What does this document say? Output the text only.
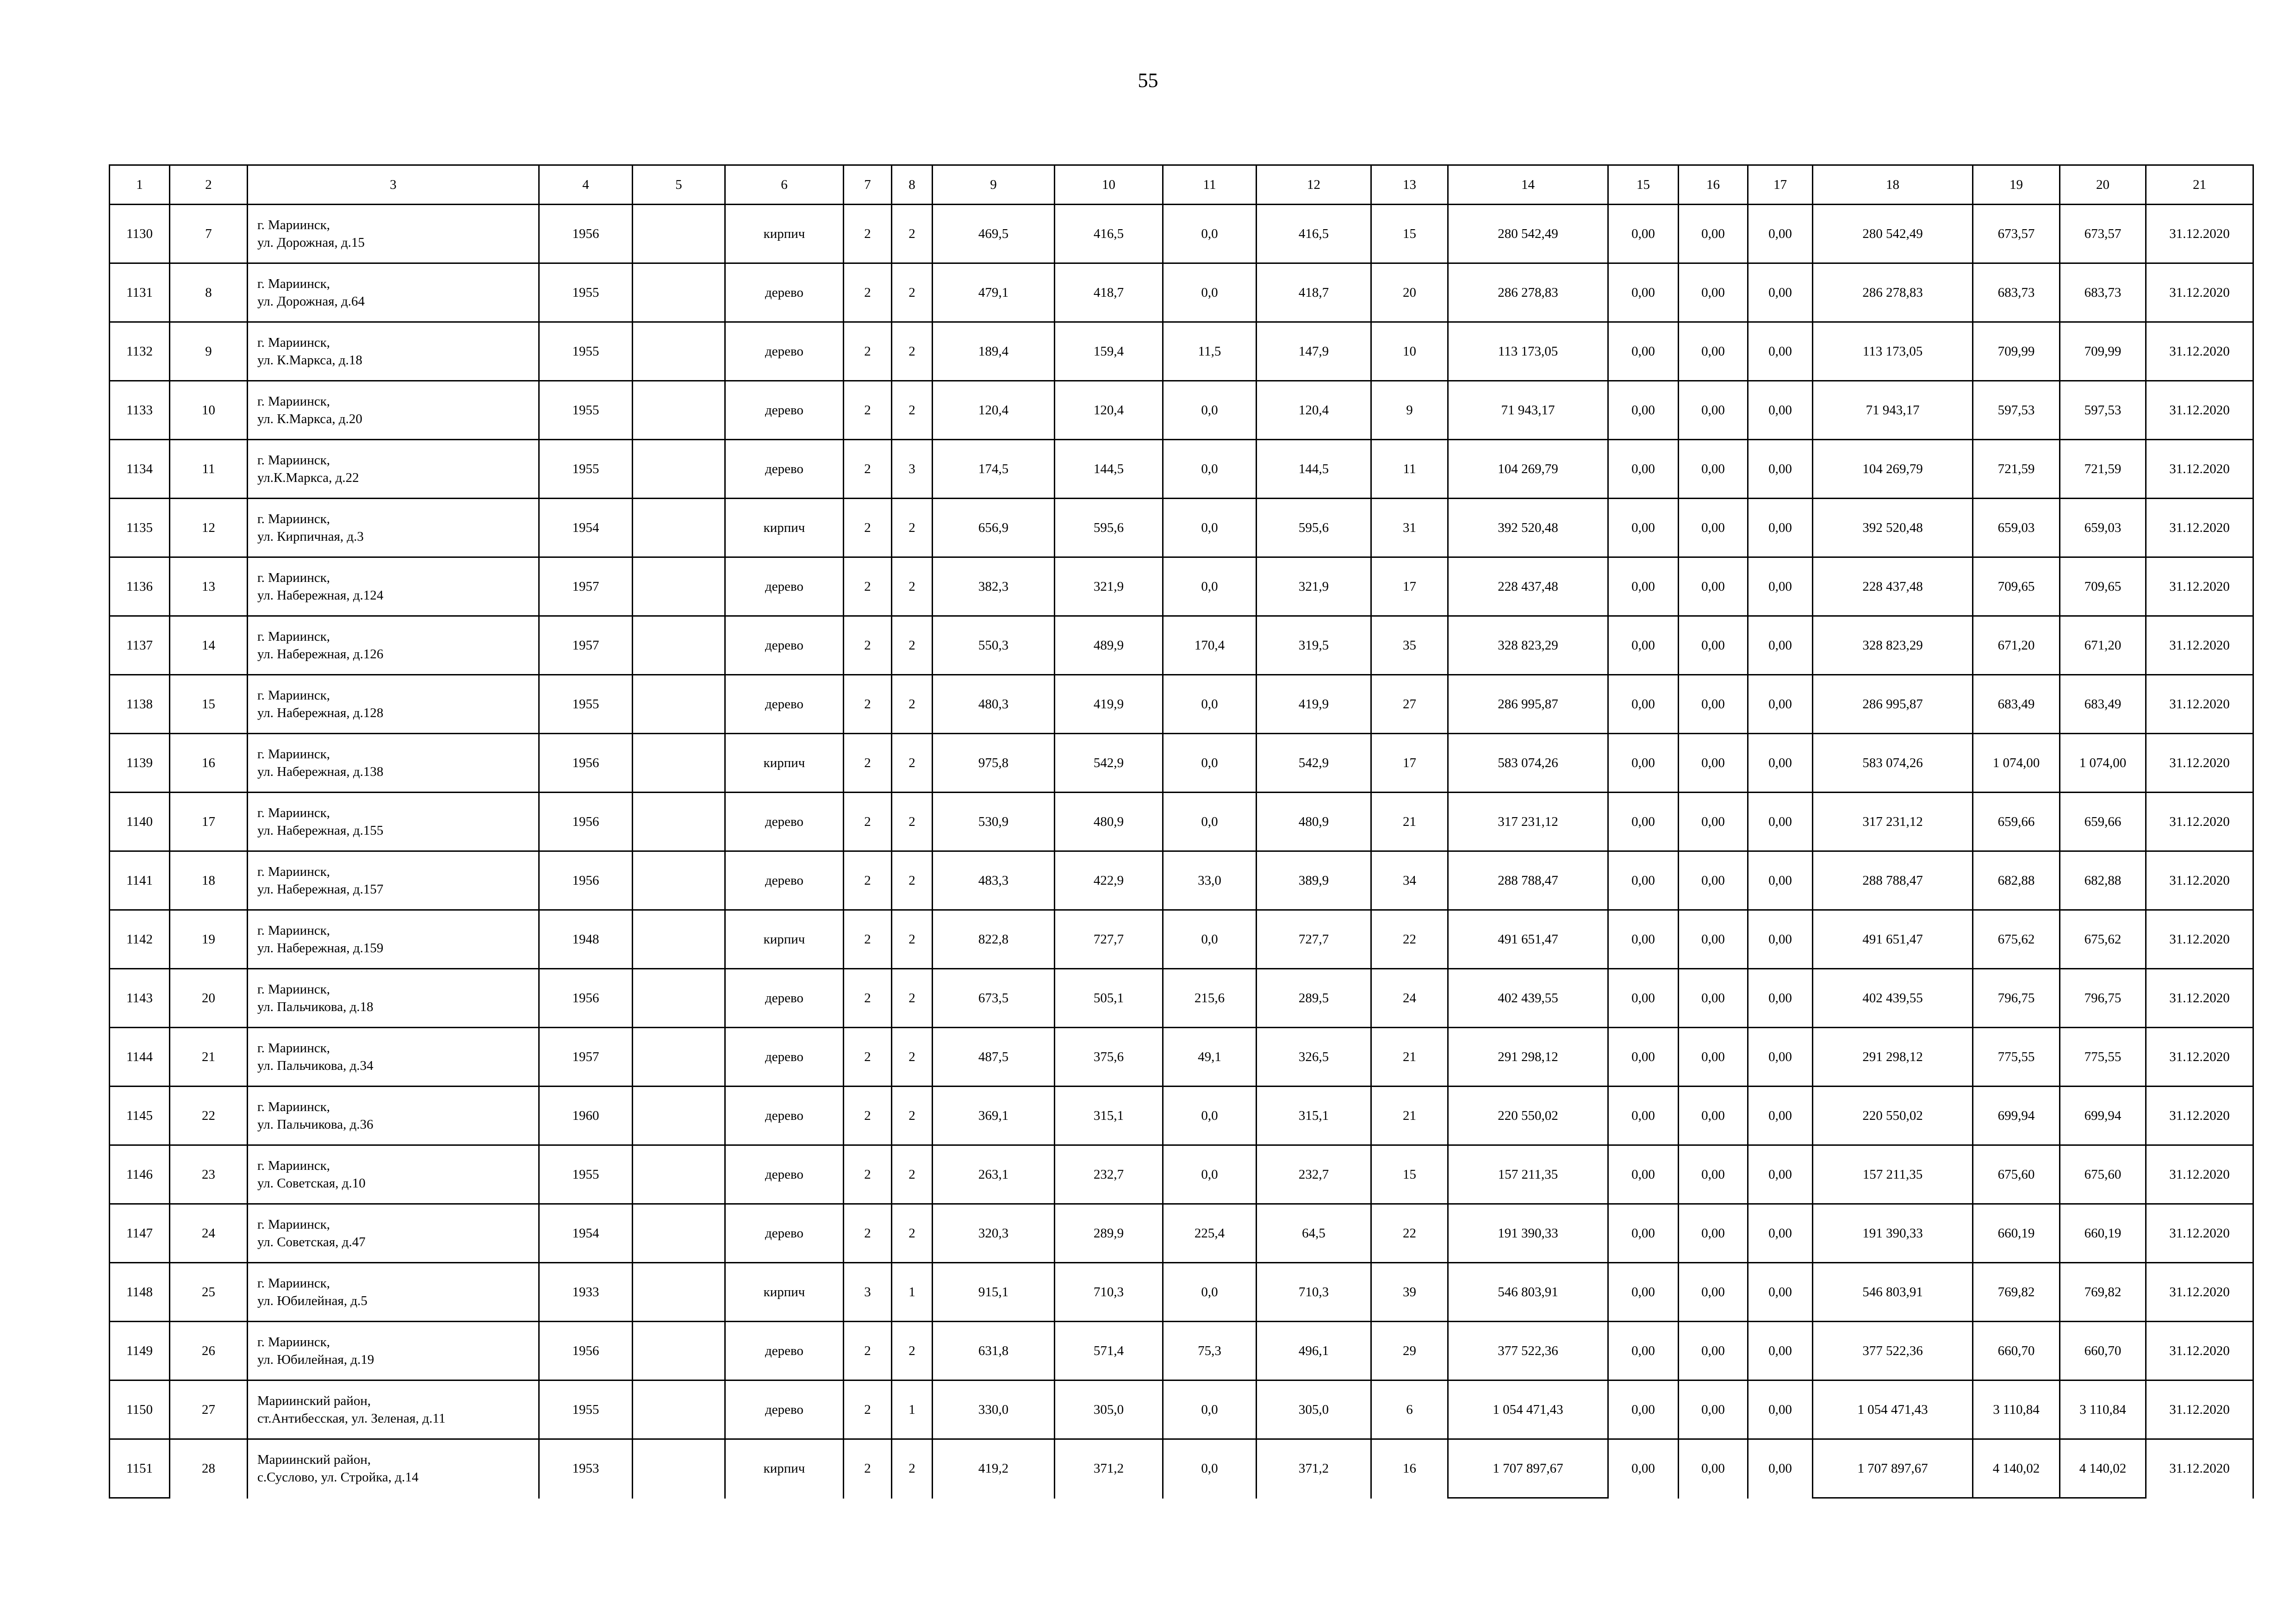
55
1	2	3	4	5	6	7	8	9	10	11	12	13	14	15	16	17	18	19	20	21
1130	7	г. Мариинск,
ул. Дорожная, д.15	1956		кирпич	2	2	469,5	416,5	0,0	416,5	15	280 542,49	0,00	0,00	0,00	280 542,49	673,57	673,57	31.12.2020
1131	8	г. Мариинск,
ул. Дорожная, д.64	1955		дерево	2	2	479,1	418,7	0,0	418,7	20	286 278,83	0,00	0,00	0,00	286 278,83	683,73	683,73	31.12.2020
1132	9	г. Мариинск,
ул. К.Маркса, д.18	1955		дерево	2	2	189,4	159,4	11,5	147,9	10	113 173,05	0,00	0,00	0,00	113 173,05	709,99	709,99	31.12.2020
1133	10	г. Мариинск,
ул. К.Маркса, д.20	1955		дерево	2	2	120,4	120,4	0,0	120,4	9	71 943,17	0,00	0,00	0,00	71 943,17	597,53	597,53	31.12.2020
1134	11	г. Мариинск,
ул.К.Маркса, д.22	1955		дерево	2	3	174,5	144,5	0,0	144,5	11	104 269,79	0,00	0,00	0,00	104 269,79	721,59	721,59	31.12.2020
1135	12	г. Мариинск,
ул. Кирпичная, д.3	1954		кирпич	2	2	656,9	595,6	0,0	595,6	31	392 520,48	0,00	0,00	0,00	392 520,48	659,03	659,03	31.12.2020
1136	13	г. Мариинск,
ул. Набережная, д.124	1957		дерево	2	2	382,3	321,9	0,0	321,9	17	228 437,48	0,00	0,00	0,00	228 437,48	709,65	709,65	31.12.2020
1137	14	г. Мариинск,
ул. Набережная, д.126	1957		дерево	2	2	550,3	489,9	170,4	319,5	35	328 823,29	0,00	0,00	0,00	328 823,29	671,20	671,20	31.12.2020
1138	15	г. Мариинск,
ул. Набережная, д.128	1955		дерево	2	2	480,3	419,9	0,0	419,9	27	286 995,87	0,00	0,00	0,00	286 995,87	683,49	683,49	31.12.2020
1139	16	г. Мариинск,
ул. Набережная, д.138	1956		кирпич	2	2	975,8	542,9	0,0	542,9	17	583 074,26	0,00	0,00	0,00	583 074,26	1 074,00	1 074,00	31.12.2020
1140	17	г. Мариинск,
ул. Набережная, д.155	1956		дерево	2	2	530,9	480,9	0,0	480,9	21	317 231,12	0,00	0,00	0,00	317 231,12	659,66	659,66	31.12.2020
1141	18	г. Мариинск,
ул. Набережная, д.157	1956		дерево	2	2	483,3	422,9	33,0	389,9	34	288 788,47	0,00	0,00	0,00	288 788,47	682,88	682,88	31.12.2020
1142	19	г. Мариинск,
ул. Набережная, д.159	1948		кирпич	2	2	822,8	727,7	0,0	727,7	22	491 651,47	0,00	0,00	0,00	491 651,47	675,62	675,62	31.12.2020
1143	20	г. Мариинск,
ул. Пальчикова, д.18	1956		дерево	2	2	673,5	505,1	215,6	289,5	24	402 439,55	0,00	0,00	0,00	402 439,55	796,75	796,75	31.12.2020
1144	21	г. Мариинск,
ул. Пальчикова, д.34	1957		дерево	2	2	487,5	375,6	49,1	326,5	21	291 298,12	0,00	0,00	0,00	291 298,12	775,55	775,55	31.12.2020
1145	22	г. Мариинск,
ул. Пальчикова, д.36	1960		дерево	2	2	369,1	315,1	0,0	315,1	21	220 550,02	0,00	0,00	0,00	220 550,02	699,94	699,94	31.12.2020
1146	23	г. Мариинск,
ул. Советская, д.10	1955		дерево	2	2	263,1	232,7	0,0	232,7	15	157 211,35	0,00	0,00	0,00	157 211,35	675,60	675,60	31.12.2020
1147	24	г. Мариинск,
ул. Советская, д.47	1954		дерево	2	2	320,3	289,9	225,4	64,5	22	191 390,33	0,00	0,00	0,00	191 390,33	660,19	660,19	31.12.2020
1148	25	г. Мариинск,
ул. Юбилейная, д.5	1933		кирпич	3	1	915,1	710,3	0,0	710,3	39	546 803,91	0,00	0,00	0,00	546 803,91	769,82	769,82	31.12.2020
1149	26	г. Мариинск,
ул. Юбилейная, д.19	1956		дерево	2	2	631,8	571,4	75,3	496,1	29	377 522,36	0,00	0,00	0,00	377 522,36	660,70	660,70	31.12.2020
1150	27	Мариинский район,
ст.Антибесская, ул. Зеленая, д.11	1955		дерево	2	1	330,0	305,0	0,0	305,0	6	1 054 471,43	0,00	0,00	0,00	1 054 471,43	3 110,84	3 110,84	31.12.2020
1151	28	Мариинский район,
с.Суслово, ул. Стройка, д.14	1953		кирпич	2	2	419,2	371,2	0,0	371,2	16	1 707 897,67	0,00	0,00	0,00	1 707 897,67	4 140,02	4 140,02	31.12.2020
